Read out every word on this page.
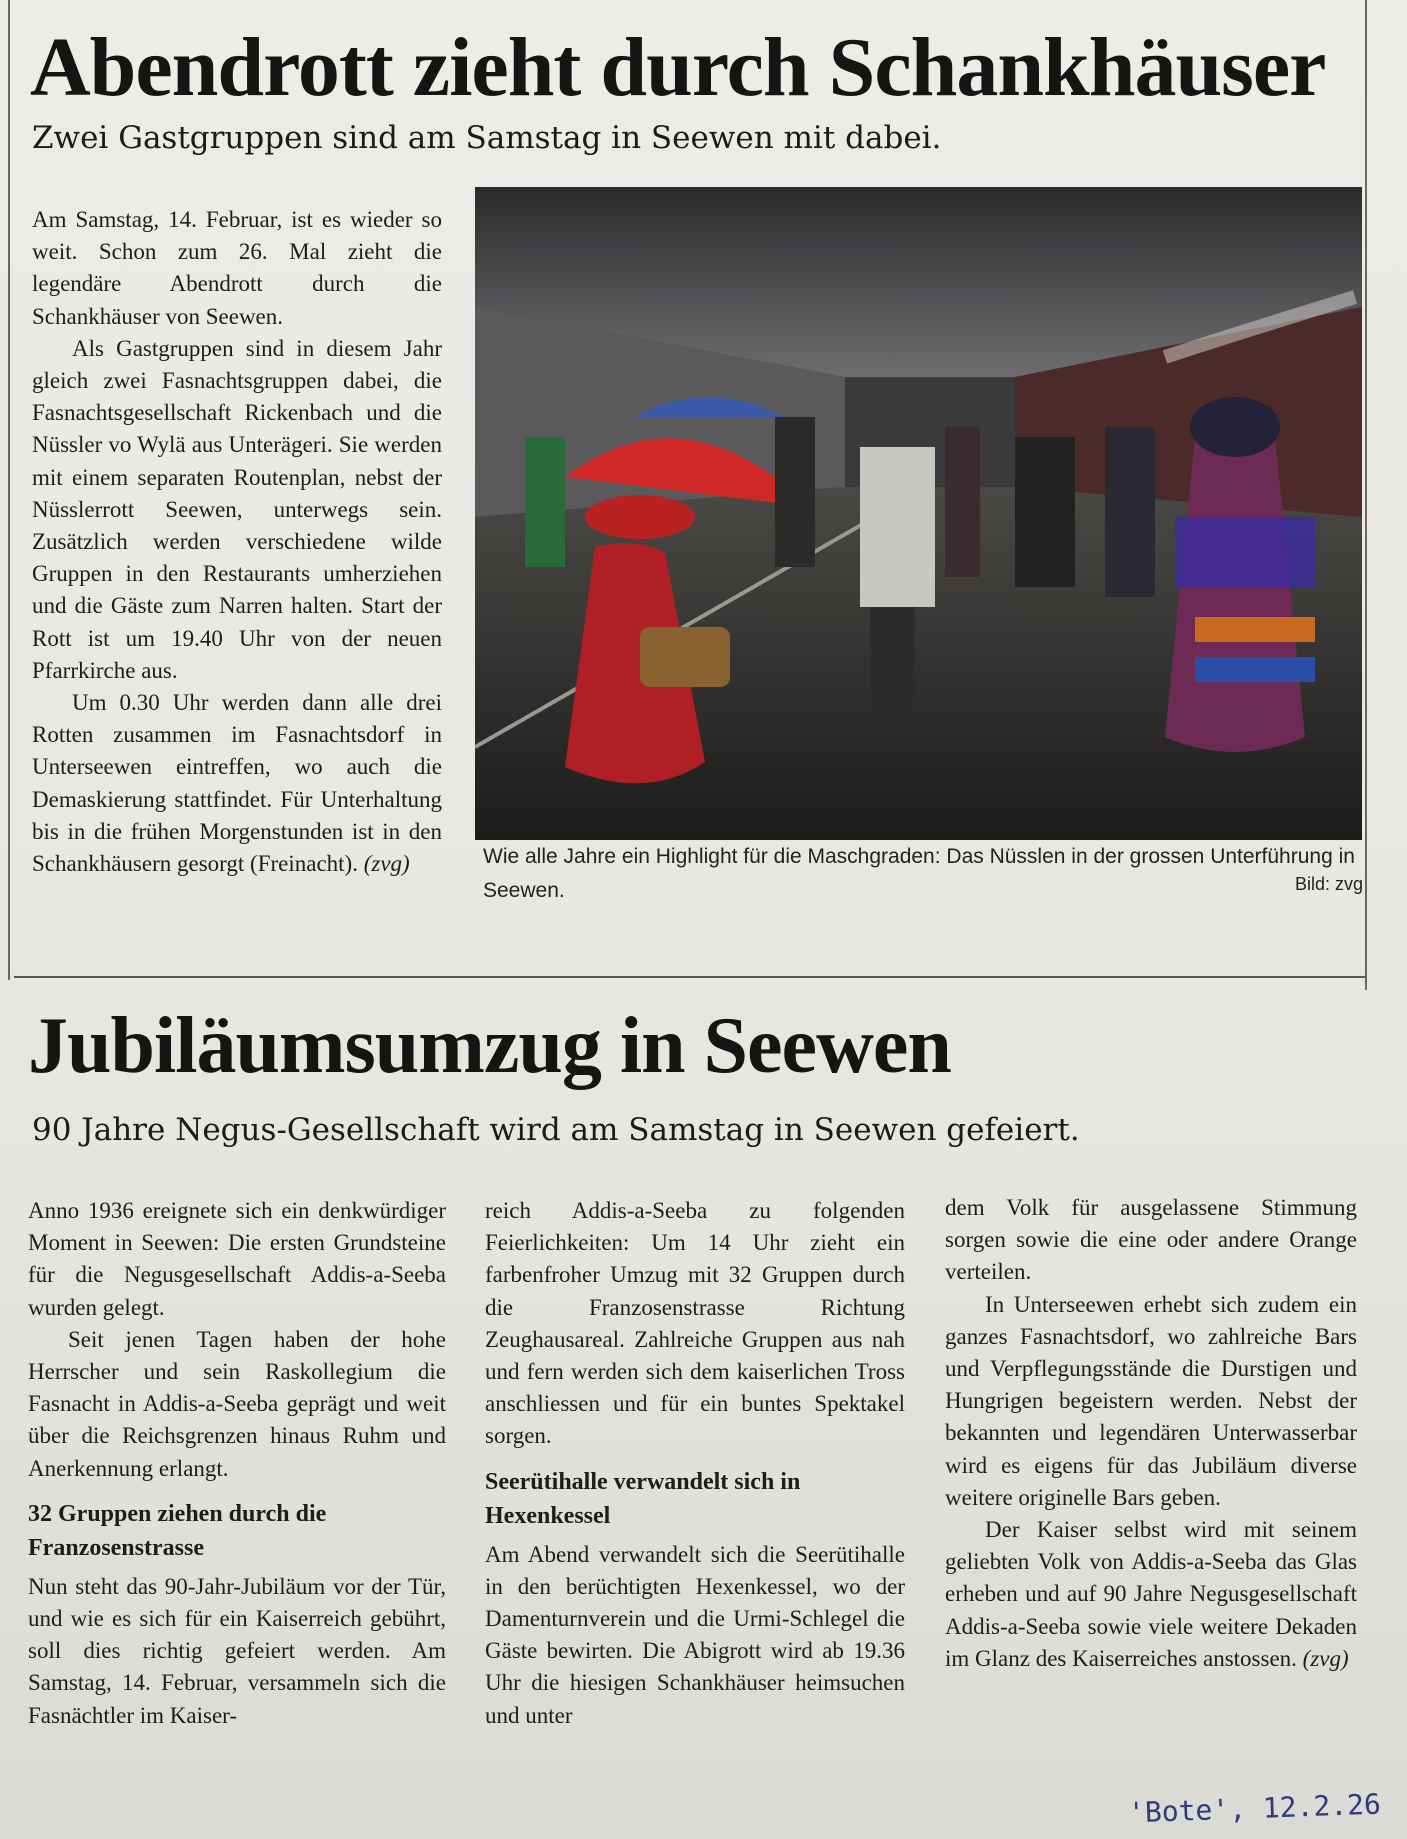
Abendrott zieht durch Schankhäuser
Zwei Gastgruppen sind am Samstag in Seewen mit dabei.

Am Samstag, 14. Februar, ist es wieder so weit. Schon zum 26. Mal zieht die legendäre Abendrott durch die Schankhäuser von Seewen.

Als Gastgruppen sind in diesem Jahr gleich zwei Fasnachtsgruppen dabei, die Fasnachtsgesellschaft Rickenbach und die Nüssler vo Wylä aus Unterägeri. Sie werden mit einem separaten Routenplan, nebst der Nüsslerrott Seewen, unterwegs sein. Zusätzlich werden verschiedene wilde Gruppen in den Restaurants umherziehen und die Gäste zum Narren halten. Start der Rott ist um 19.40 Uhr von der neuen Pfarrkirche aus.

Um 0.30 Uhr werden dann alle drei Rotten zusammen im Fasnachtsdorf in Unterseewen eintreffen, wo auch die Demaskierung stattfindet. Für Unterhaltung bis in die frühen Morgenstunden ist in den Schankhäusern gesorgt (Freinacht). (zvg)	Wie alle Jahre ein Highlight für die Maschgraden: Das Nüsslen in der grossen Unterführung in Seewen.	Bild: zvg
Jubiläumsumzug in Seewen
90 Jahre Negus-Gesellschaft wird am Samstag in Seewen gefeiert.

Anno 1936 ereignete sich ein denkwürdiger Moment in Seewen: Die ersten Grundsteine für die Negusgesellschaft Addis-a-Seeba wurden gelegt.

Seit jenen Tagen haben der hohe Herrscher und sein Raskollegium die Fasnacht in Addis-a-Seeba geprägt und weit über die Reichsgrenzen hinaus Ruhm und Anerkennung erlangt.

32 Gruppen ziehen durch die Franzosenstrasse

Nun steht das 90-Jahr-Jubiläum vor der Tür, und wie es sich für ein Kaiserreich gebührt, soll dies richtig gefeiert werden. Am Samstag, 14. Februar, versammeln sich die Fasnächtler im Kaiser-

reich Addis-a-Seeba zu folgenden Feierlichkeiten: Um 14 Uhr zieht ein farbenfroher Umzug mit 32 Gruppen durch die Franzosenstrasse Richtung Zeughausareal. Zahlreiche Gruppen aus nah und fern werden sich dem kaiserlichen Tross anschliessen und für ein buntes Spektakel sorgen.

Seerütihalle verwandelt sich in Hexenkessel

Am Abend verwandelt sich die Seerütihalle in den berüchtigten Hexenkessel, wo der Damenturnverein und die Urmi-Schlegel die Gäste bewirten. Die Abigrott wird ab 19.36 Uhr die hiesigen Schankhäuser heimsuchen und unter

dem Volk für ausgelassene Stimmung sorgen sowie die eine oder andere Orange verteilen.

In Unterseewen erhebt sich zudem ein ganzes Fasnachtsdorf, wo zahlreiche Bars und Verpflegungsstände die Durstigen und Hungrigen begeistern werden. Nebst der bekannten und legendären Unterwasserbar wird es eigens für das Jubiläum diverse weitere originelle Bars geben.

Der Kaiser selbst wird mit seinem geliebten Volk von Addis-a-Seeba das Glas erheben und auf 90 Jahre Negusgesellschaft Addis-a-Seeba sowie viele weitere Dekaden im Glanz des Kaiserreiches anstossen. (zvg)

'Bote', 12.2.26
